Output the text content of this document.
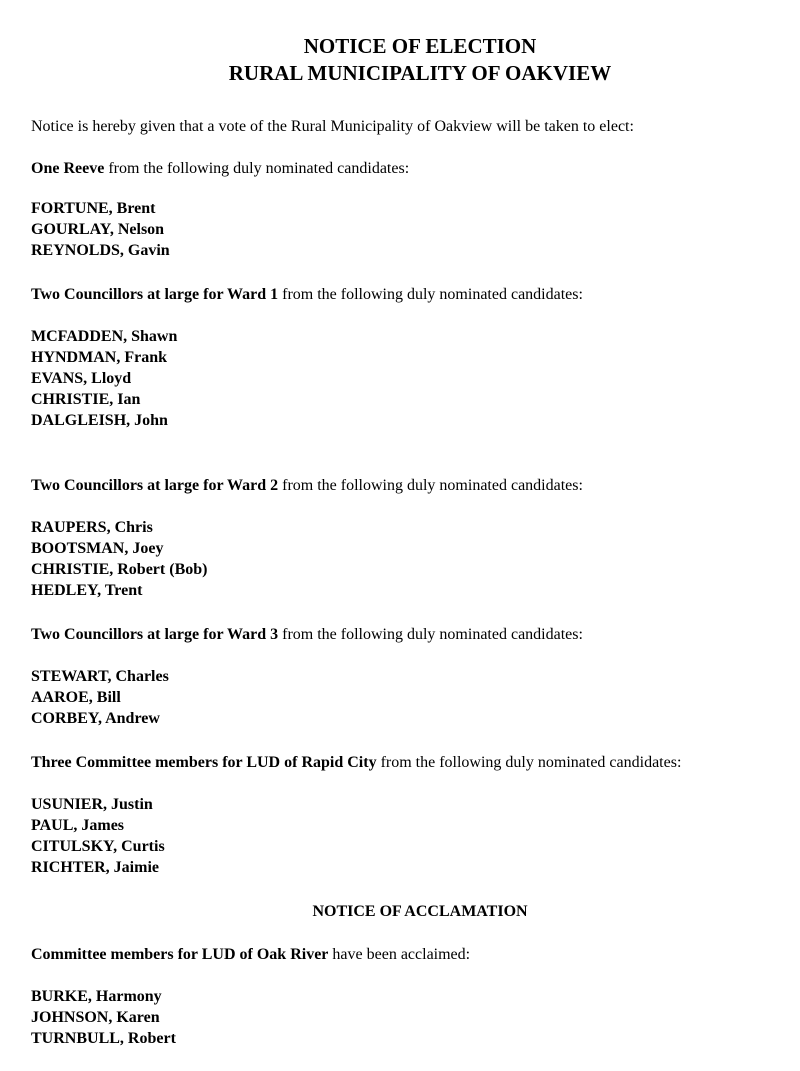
NOTICE OF ELECTION

RURAL MUNICIPALITY OF OAKVIEW

Notice is hereby given that a vote of the Rural Municipality of Oakview will be taken to elect:

One Reeve from the following duly nominated candidates:

FORTUNE, Brent

GOURLAY, Nelson

REYNOLDS, Gavin

Two Councillors at large for Ward 1 from the following duly nominated candidates:

MCFADDEN, Shawn

HYNDMAN, Frank

EVANS, Lloyd

CHRISTIE, Ian

DALGLEISH, John

Two Councillors at large for Ward 2 from the following duly nominated candidates:

RAUPERS, Chris

BOOTSMAN, Joey

CHRISTIE, Robert (Bob)

HEDLEY, Trent

Two Councillors at large for Ward 3 from the following duly nominated candidates:

STEWART, Charles

AAROE, Bill

CORBEY, Andrew

Three Committee members for LUD of Rapid City from the following duly nominated candidates:

USUNIER, Justin

PAUL, James

CITULSKY, Curtis

RICHTER, Jaimie

NOTICE OF ACCLAMATION

Committee members for LUD of Oak River have been acclaimed:

BURKE, Harmony

JOHNSON, Karen

TURNBULL, Robert
